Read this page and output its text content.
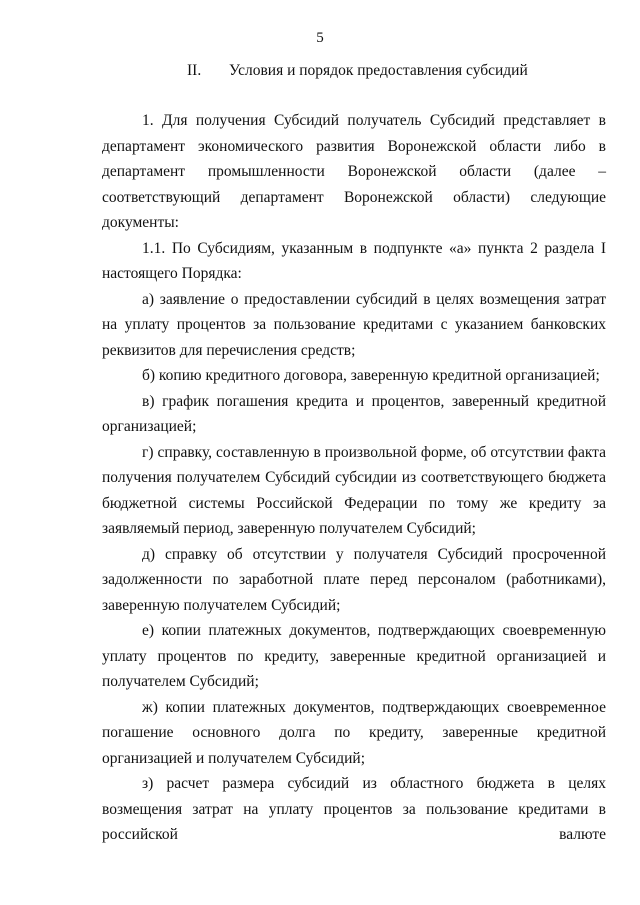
5
II. Условия и порядок предоставления субсидий

1. Для получения Субсидий получатель Субсидий представляет в департамент экономического развития Воронежской области либо в департамент промышленности Воронежской области (далее – соответствующий департамент Воронежской области) следующие документы:

1.1. По Субсидиям, указанным в подпункте «а» пункта 2 раздела I настоящего Порядка:

а) заявление о предоставлении субсидий в целях возмещения затрат на уплату процентов за пользование кредитами с указанием банковских реквизитов для перечисления средств;

б) копию кредитного договора, заверенную кредитной организацией;

в) график погашения кредита и процентов, заверенный кредитной организацией;

г) справку, составленную в произвольной форме, об отсутствии факта получения получателем Субсидий субсидии из соответствующего бюджета бюджетной системы Российской Федерации по тому же кредиту за заявляемый период, заверенную получателем Субсидий;

д) справку об отсутствии у получателя Субсидий просроченной задолженности по заработной плате перед персоналом (работниками), заверенную получателем Субсидий;

е) копии платежных документов, подтверждающих своевременную уплату процентов по кредиту, заверенные кредитной организацией и получателем Субсидий;

ж) копии платежных документов, подтверждающих своевременное погашение основного долга по кредиту, заверенные кредитной организацией и получателем Субсидий;

з) расчет размера субсидий из областного бюджета в целях возмещения затрат на уплату процентов за пользование кредитами в российской валюте
